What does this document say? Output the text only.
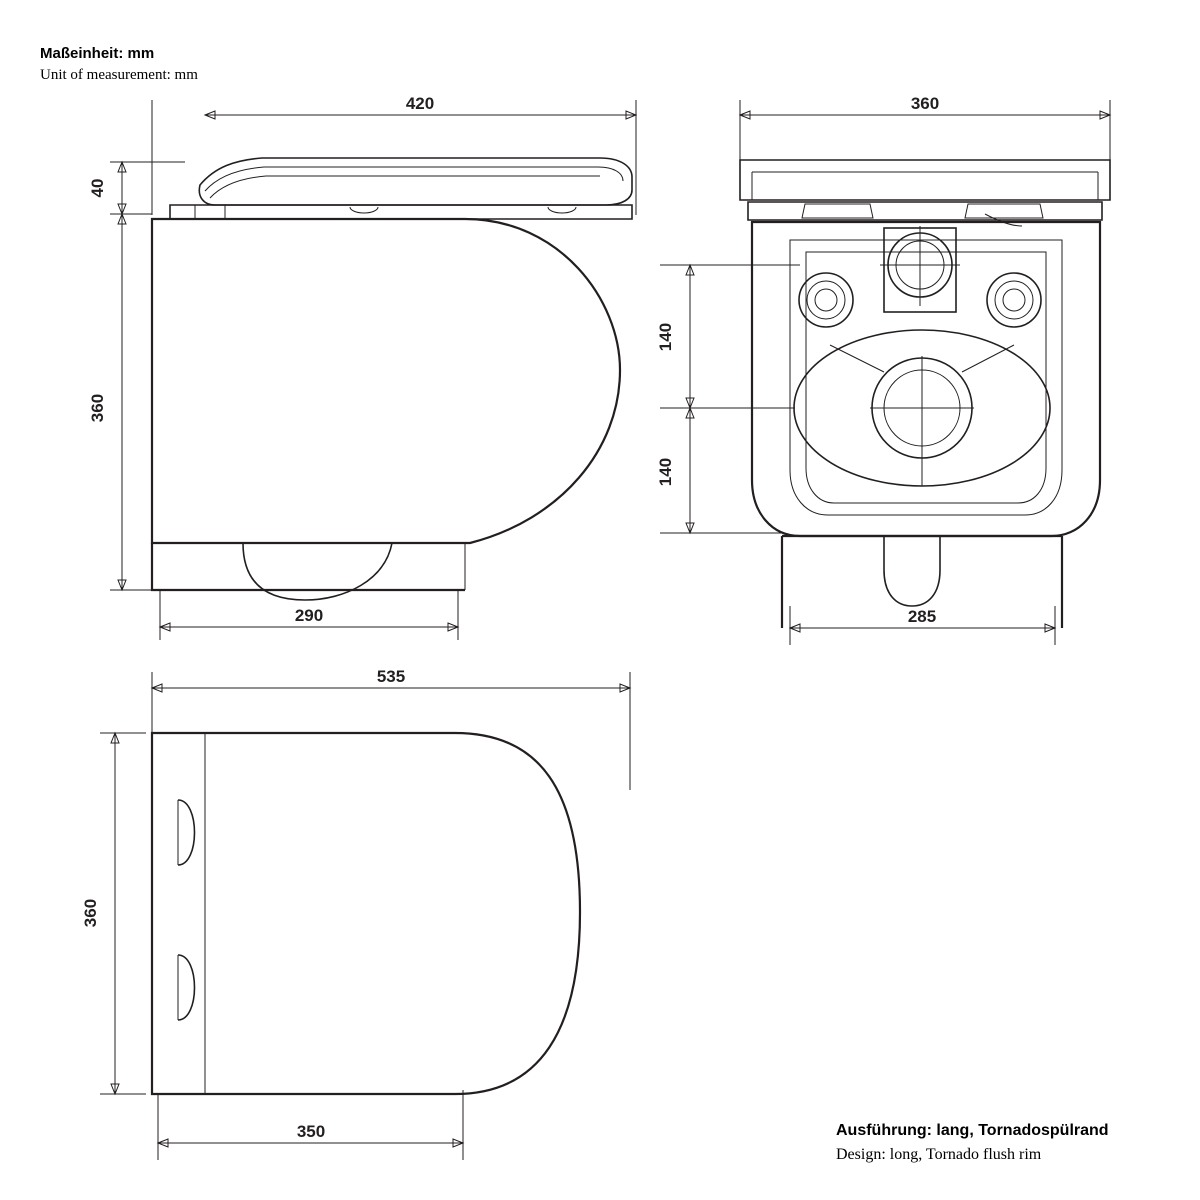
Maßeinheit: mm
Unit of measurement: mm
420
40
360
290
360
140
140
285
535
360
350	Ausführung: lang, Tornadospülrand
Design: long, Tornado flush rim
